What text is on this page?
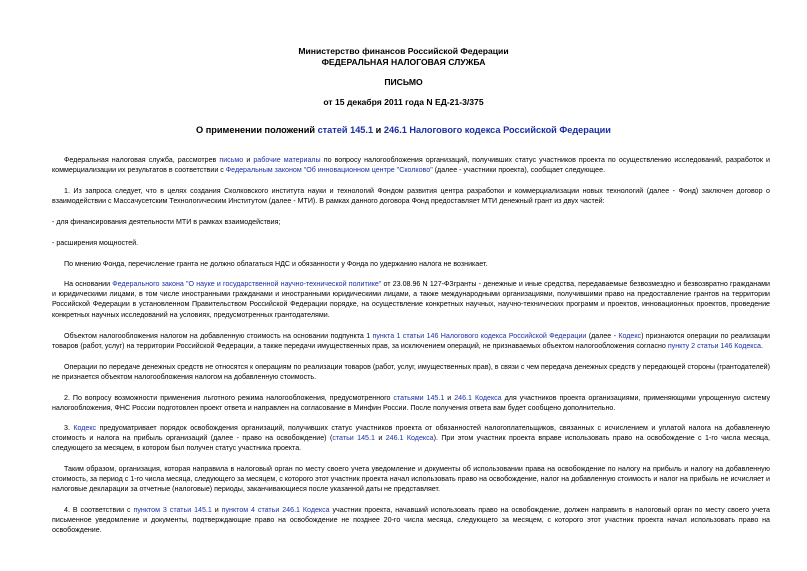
Министерство финансов Российской Федерации
ФЕДЕРАЛЬНАЯ НАЛОГОВАЯ СЛУЖБА
ПИСЬМО
от 15 декабря 2011 года N ЕД-21-3/375
О применении положений статей 145.1 и 246.1 Налогового кодекса Российской Федерации
Федеральная налоговая служба, рассмотрев письмо и рабочие материалы по вопросу налогообложения организаций, получивших статус участников проекта по осуществлению исследований, разработок и коммерциализации их результатов в соответствии с Федеральным законом "Об инновационном центре "Сколково" (далее - участники проекта), сообщает следующее.
1. Из запроса следует, что в целях создания Сколковского института науки и технологий Фондом развития центра разработки и коммерциализации новых технологий (далее - Фонд) заключен договор о взаимодействии с Массачусетским Технологическим Институтом (далее - МТИ). В рамках данного договора Фонд предоставляет МТИ денежный грант из двух частей:
- для финансирования деятельности МТИ в рамках взаимодействия;
- расширения мощностей.
По мнению Фонда, перечисление гранта не должно облагаться НДС и обязанности у Фонда по удержанию налога не возникает.
На основании Федерального закона "О науке и государственной научно-технической политике" от 23.08.96 N 127-ФЗгранты - денежные и иные средства, передаваемые безвозмездно и безвозвратно гражданами и юридическими лицами, в том числе иностранными гражданами и иностранными юридическими лицами, а также международными организациями, получившими право на предоставление грантов на территории Российской Федерации в установленном Правительством Российской Федерации порядке, на осуществление конкретных научных, научно-технических программ и проектов, инновационных проектов, проведение конкретных научных исследований на условиях, предусмотренных грантодателями.
Объектом налогообложения налогом на добавленную стоимость на основании подпункта 1 пункта 1 статьи 146 Налогового кодекса Российской Федерации (далее - Кодекс) признаются операции по реализации товаров (работ, услуг) на территории Российской Федерации, а также передачи имущественных прав, за исключением операций, не признаваемых объектом налогообложения согласно пункту 2 статьи 146 Кодекса.
Операции по передаче денежных средств не относятся к операциям по реализации товаров (работ, услуг, имущественных прав), в связи с чем передача денежных средств у передающей стороны (грантодателей) не признается объектом налогообложения налогом на добавленную стоимость.
2. По вопросу возможности применения льготного режима налогообложения, предусмотренного статьями 145.1 и 246.1 Кодекса для участников проекта организациями, применяющими упрощенную систему налогообложения, ФНС России подготовлен проект ответа и направлен на согласование в Минфин России. После получения ответа вам будет сообщено дополнительно.
3. Кодекс предусматривает порядок освобождения организаций, получивших статус участников проекта от обязанностей налогоплательщиков, связанных с исчислением и уплатой налога на добавленную стоимость и налога на прибыль организаций (далее - право на освобождение) (статьи 145.1 и 246.1 Кодекса). При этом участник проекта вправе использовать право на освобождение с 1-го числа месяца, следующего за месяцем, в котором был получен статус участника проекта.
Таким образом, организация, которая направила в налоговый орган по месту своего учета уведомление и документы об использовании права на освобождение по налогу на прибыль и налогу на добавленную стоимость, за период с 1-го числа месяца, следующего за месяцем, с которого этот участник проекта начал использовать право на освобождение, налог на добавленную стоимость и налог на прибыль не исчисляет и налоговые декларации за отчетные (налоговые) периоды, заканчивающиеся после указанной даты не представляет.
4. В соответствии с пунктом 3 статьи 145.1 и пунктом 4 статьи 246.1 Кодекса участник проекта, начавший использовать право на освобождение, должен направить в налоговый орган по месту своего учета письменное уведомление и документы, подтверждающие право на освобождение не позднее 20-го числа месяца, следующего за месяцем, с которого этот участник проекта начал использовать право на освобождение.
